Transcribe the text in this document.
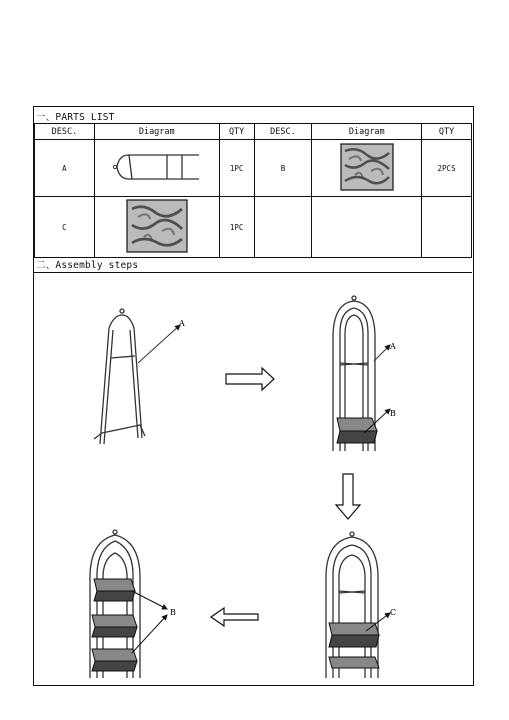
一、PARTS LIST
DESC.	Diagram	QTY	DESC.	Diagram	QTY
A		1PC	B		2PCS
C		1PC			
二、Assembly steps
A
A
B
C
B
